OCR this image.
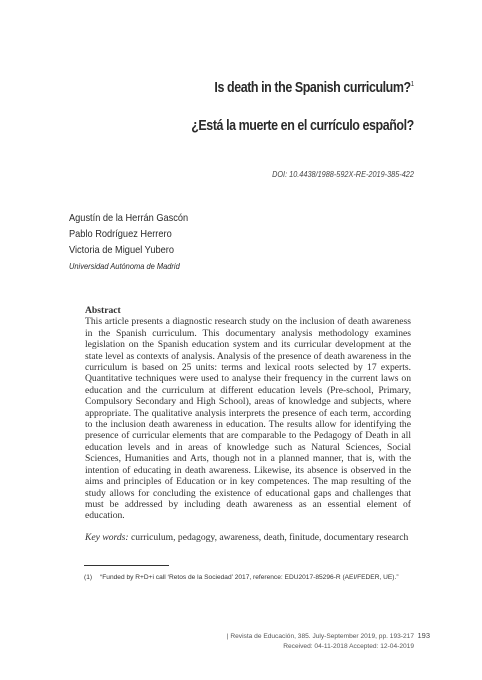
Is death in the Spanish curriculum?$^1$
¿Está la muerte en el currículo español?
DOI: 10.4438/1988-592X-RE-2019-385-422
Agustín de la Herrán Gascón
Pablo Rodríguez Herrero
Victoria de Miguel Yubero
Universidad Autónoma de Madrid
Abstract
This article presents a diagnostic research study on the inclusion of death awareness in the Spanish curriculum. This documentary analysis methodology examines legislation on the Spanish education system and its curricular development at the state level as contexts of analysis. Analysis of the presence of death awareness in the curriculum is based on 25 units: terms and lexical roots selected by 17 experts. Quantitative techniques were used to analyse their frequency in the current laws on education and the curriculum at different education levels (Pre-school, Primary, Compulsory Secondary and High School), areas of knowledge and subjects, where appropriate. The qualitative analysis interprets the presence of each term, according to the inclusion death awareness in education. The results allow for identifying the presence of curricular elements that are comparable to the Pedagogy of Death in all education levels and in areas of knowledge such as Natural Sciences, Social Sciences, Humanities and Arts, though not in a planned manner, that is, with the intention of educating in death awareness. Likewise, its absence is observed in the aims and principles of Education or in key competences. The map resulting of the study allows for concluding the existence of educational gaps and challenges that must be addressed by including death awareness as an essential element of education.
Key words: curriculum, pedagogy, awareness, death, finitude, documentary research
(1) “Funded by R+D+i call ‘Retos de la Sociedad’ 2017, reference: EDU2017-85296-R (AEI/FEDER, UE).”
| Revista de Educación, 385. July-September 2019, pp. 193-217
Received: 04-11-2018 Accepted: 12-04-2019
193
